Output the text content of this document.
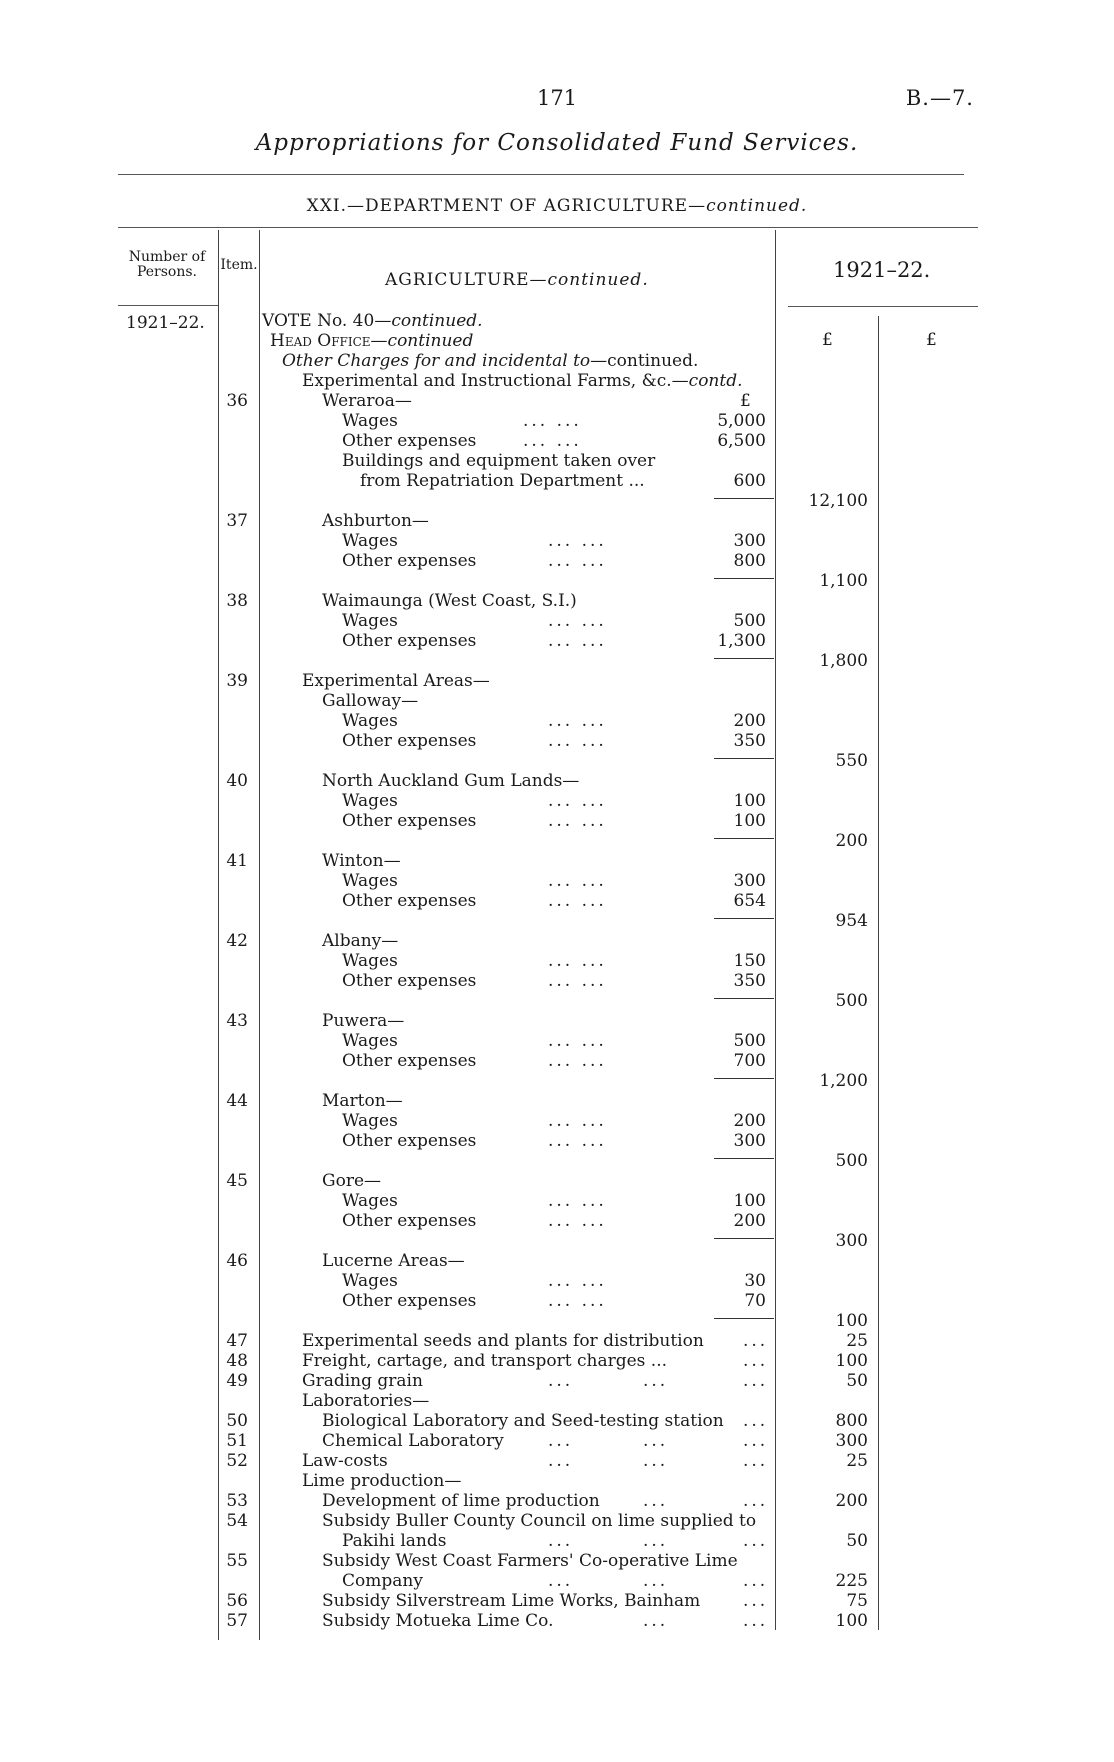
171	B.—7.
Appropriations for Consolidated Fund Services.
XXI.—DEPARTMENT OF AGRICULTURE—continued.
Number of Persons.	Item.
AGRICULTURE—continued.	1921–22.
1921–22.
£	£
VOTE No. 40—continued.
Head Office—continued
Other Charges for and incidental to—continued.
Experimental and Instructional Farms, &c.—contd.
36	Weraroa—	£
Wages	... ...	5,000
Other expenses	... ...	6,500
Buildings and equipment taken over
from Repatriation Department ...	600
12,100
37	Ashburton—
Wages	... ...	300
Other expenses	... ...	800
1,100
38	Waimaunga (West Coast, S.I.)
Wages	... ...	500
Other expenses	... ...	1,300
1,800
39	Experimental Areas—
Galloway—
Wages	... ...	200
Other expenses	... ...	350
550
40	North Auckland Gum Lands—
Wages	... ...	100
Other expenses	... ...	100
200
41	Winton—
Wages	... ...	300
Other expenses	... ...	654
954
42	Albany—
Wages	... ...	150
Other expenses	... ...	350
500
43	Puwera—
Wages	... ...	500
Other expenses	... ...	700
1,200
44	Marton—
Wages	... ...	200
Other expenses	... ...	300
500
45	Gore—
Wages	... ...	100
Other expenses	... ...	200
300
46	Lucerne Areas—
Wages	... ...	30
Other expenses	... ...	70
100
47	Experimental seeds and plants for distribution ...	25
48	Freight, cartage, and transport charges ...	...	100
49	Grading grain	...	...	...	50
Laboratories—
50	Biological Laboratory and Seed-testing station ...	800
51	Chemical Laboratory	...	...	...	300
52	Law-costs	...	...	...	25
Lime production—
53	Development of lime production	...	...	200
54	Subsidy Buller County Council on lime supplied to
Pakihi lands	...	...	...	50
55	Subsidy West Coast Farmers' Co-operative Lime
Company	...	...	...	225
56	Subsidy Silverstream Lime Works, Bainham	...	75
57	Subsidy Motueka Lime Co.	...	...	100
